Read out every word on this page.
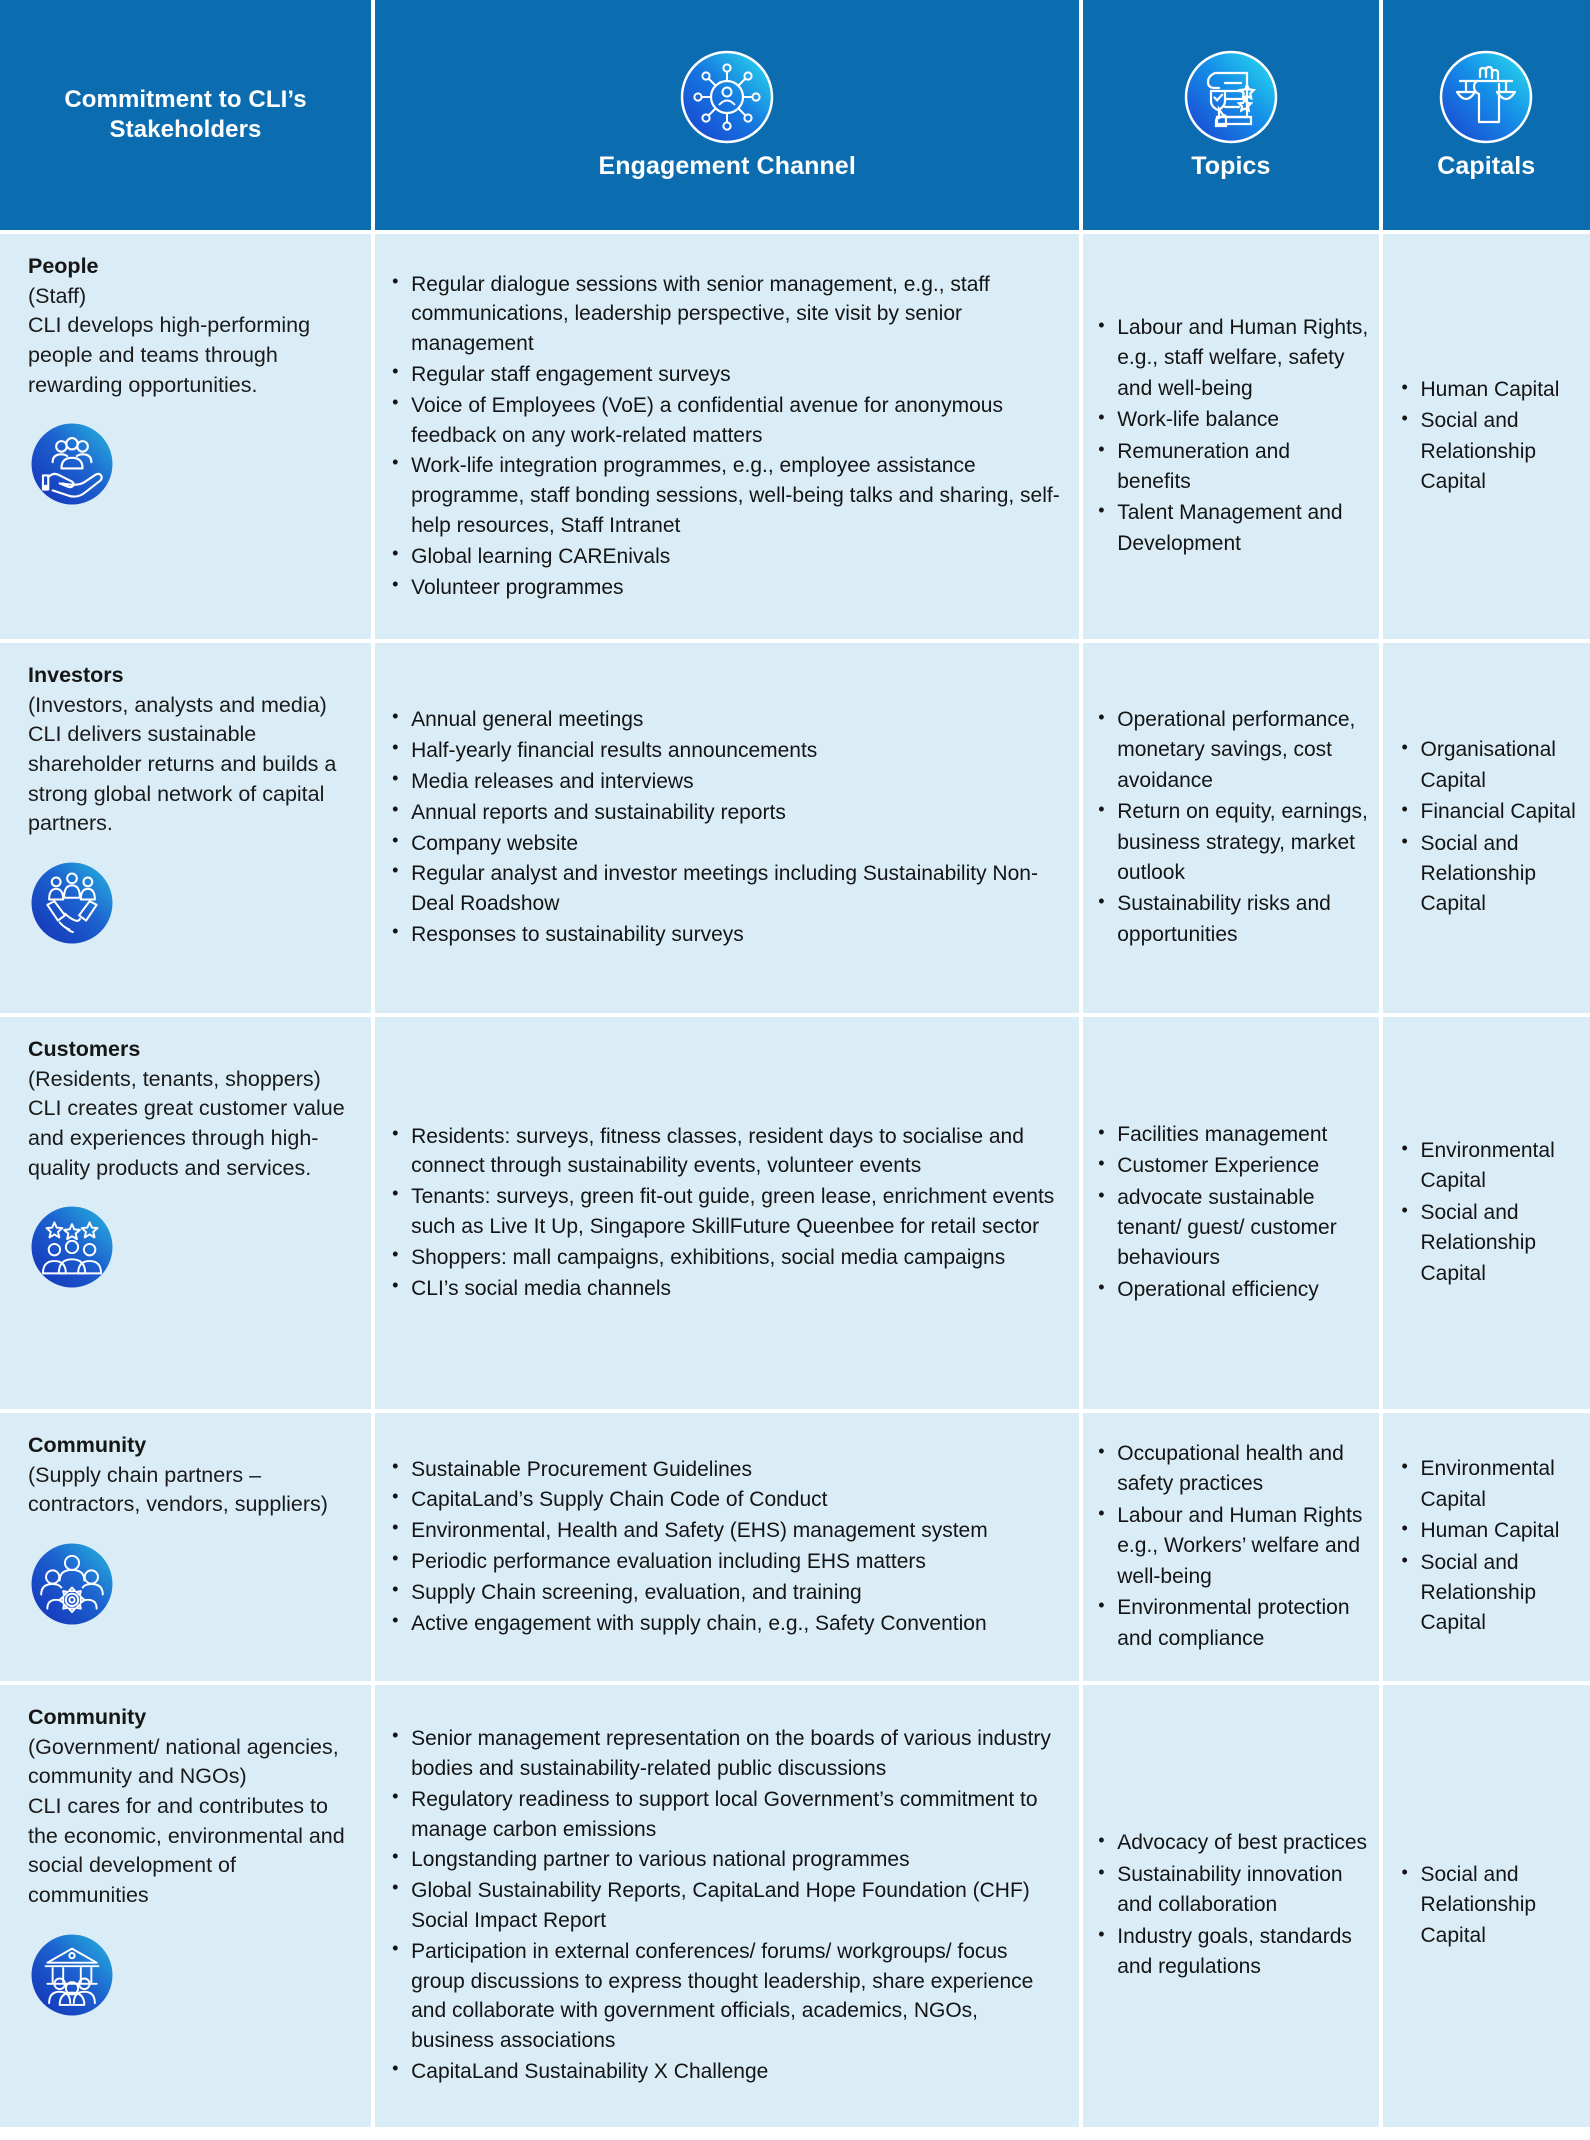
Commitment to CLI’s
Stakeholders
Engagement Channel	Topics	Capitals
People
(Staff)
CLI develops high-performing people and teams through rewarding opportunities.
• Regular dialogue sessions with senior management, e.g., staff communications, leadership perspective, site visit by senior management
• Regular staff engagement surveys
• Voice of Employees (VoE) a confidential avenue for anonymous feedback on any work-related matters
• Work-life integration programmes, e.g., employee assistance programme, staff bonding sessions, well-being talks and sharing, self-help resources, Staff Intranet
• Global learning CAREnivals
• Volunteer programmes
• Labour and Human Rights, e.g., staff welfare, safety and well-being
• Work-life balance
• Remuneration and benefits
• Talent Management and Development
• Human Capital
• Social and Relationship Capital
Investors
(Investors, analysts and media)
CLI delivers sustainable shareholder returns and builds a strong global network of capital partners.
• Annual general meetings
• Half-yearly financial results announcements
• Media releases and interviews
• Annual reports and sustainability reports
• Company website
• Regular analyst and investor meetings including Sustainability Non-Deal Roadshow
• Responses to sustainability surveys
• Operational performance, monetary savings, cost avoidance
• Return on equity, earnings, business strategy, market outlook
• Sustainability risks and opportunities
• Organisational Capital
• Financial Capital
• Social and Relationship Capital
Customers
(Residents, tenants, shoppers)
CLI creates great customer value and experiences through high-quality products and services.
• Residents: surveys, fitness classes, resident days to socialise and connect through sustainability events, volunteer events
• Tenants: surveys, green fit-out guide, green lease, enrichment events such as Live It Up, Singapore SkillFuture Queenbee for retail sector
• Shoppers: mall campaigns, exhibitions, social media campaigns
• CLI’s social media channels
• Facilities management
• Customer Experience
• advocate sustainable tenant/ guest/ customer behaviours
• Operational efficiency
• Environmental Capital
• Social and Relationship Capital
Community
(Supply chain partners – contractors, vendors, suppliers)
• Sustainable Procurement Guidelines
• CapitaLand’s Supply Chain Code of Conduct
• Environmental, Health and Safety (EHS) management system
• Periodic performance evaluation including EHS matters
• Supply Chain screening, evaluation, and training
• Active engagement with supply chain, e.g., Safety Convention
• Occupational health and safety practices
• Labour and Human Rights e.g., Workers’ welfare and well-being
• Environmental protection and compliance
• Environmental Capital
• Human Capital
• Social and Relationship Capital
Community
(Government/ national agencies, community and NGOs)
CLI cares for and contributes to the economic, environmental and social development of communities
• Senior management representation on the boards of various industry bodies and sustainability-related public discussions
• Regulatory readiness to support local Government’s commitment to manage carbon emissions
• Longstanding partner to various national programmes
• Global Sustainability Reports, CapitaLand Hope Foundation (CHF) Social Impact Report
• Participation in external conferences/ forums/ workgroups/ focus group discussions to express thought leadership, share experience and collaborate with government officials, academics, NGOs, business associations
• CapitaLand Sustainability X Challenge
• Advocacy of best practices
• Sustainability innovation and collaboration
• Industry goals, standards and regulations
• Social and Relationship Capital
